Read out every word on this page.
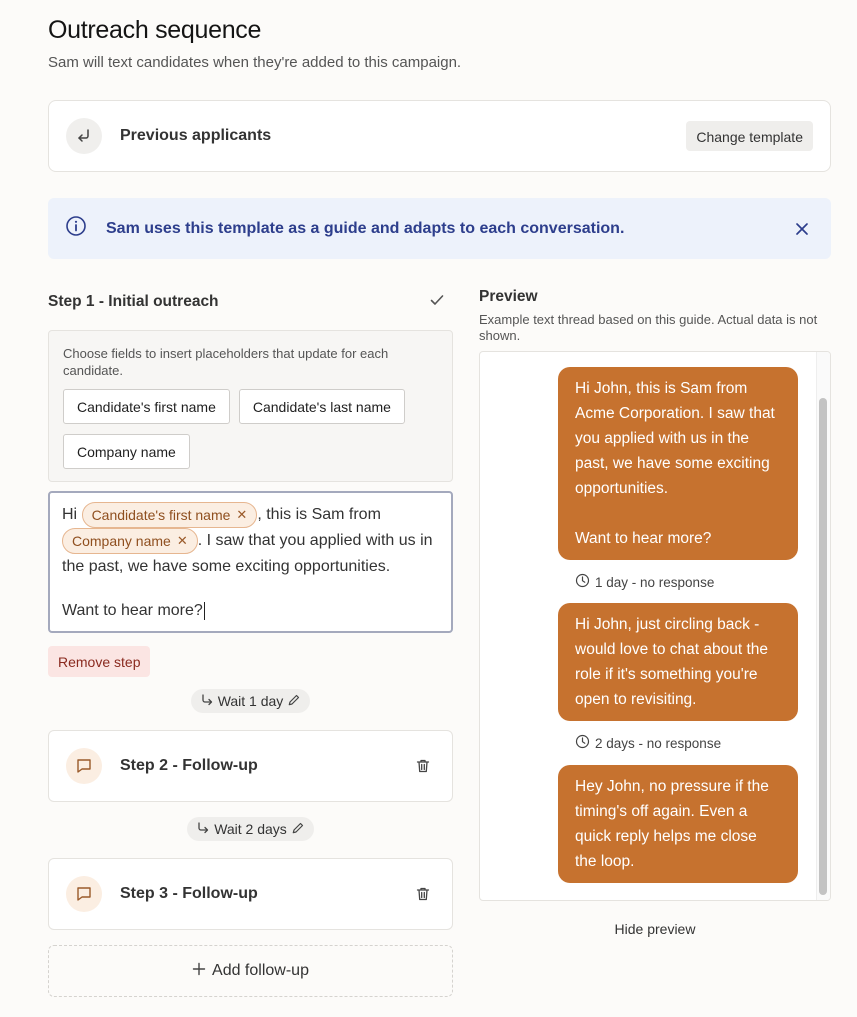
Outreach sequence

Sam will text candidates when they're added to this campaign.

Previous applicants	Change template
Sam uses this template as a guide and adapts to each conversation.
Step 1 - Initial outreach

Choose fields to insert placeholders that update for each candidate.

Candidate's first name	Candidate's last name
Company name
Hi Candidate's first name ✕ , this is Sam from
Company name ✕ . I saw that you applied with us in the past, we have some exciting opportunities.
Want to hear more?
Remove step
Wait 1 day
Step 2 - Follow-up
Wait 2 days
Step 3 - Follow-up
Add follow-up
Preview

Example text thread based on this guide. Actual data is not shown.

Hi John, this is Sam from Acme Corporation. I saw that you applied with us in the past, we have some exciting opportunities.
Want to hear more?
1 day - no response
Hi John, just circling back - would love to chat about the role if it's something you're open to revisiting.
2 days - no response
Hey John, no pressure if the timing's off again. Even a quick reply helps me close the loop.
Hide preview
